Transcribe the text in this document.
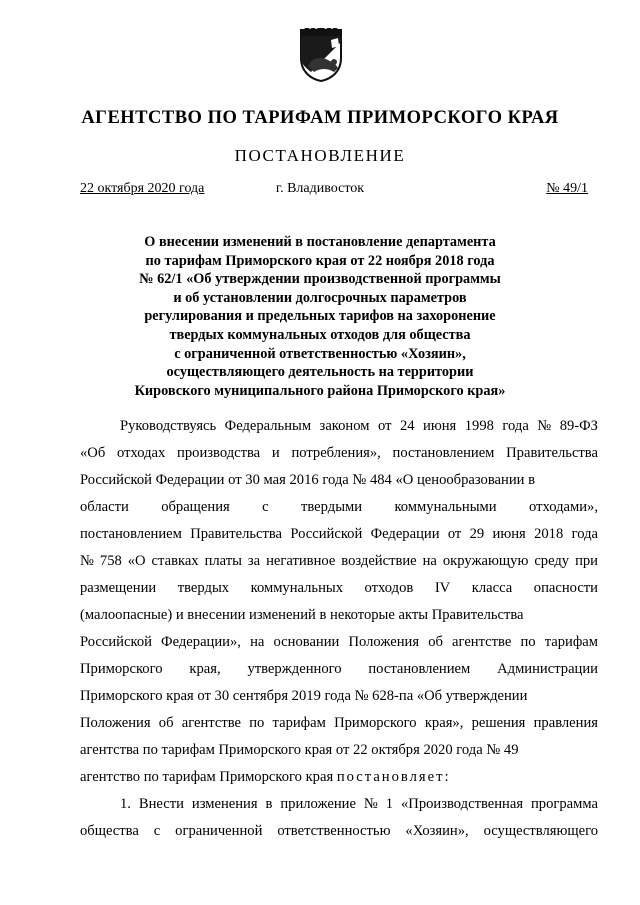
АГЕНТСТВО ПО ТАРИФАМ ПРИМОРСКОГО КРАЯ
ПОСТАНОВЛЕНИЕ
22 октября 2020 года	г. Владивосток	№ 49/1
О внесении изменений в постановление департамента
по тарифам Приморского края от 22 ноября 2018 года
№ 62/1 «Об утверждении производственной программы
и об установлении долгосрочных параметров
регулирования и предельных тарифов на захоронение
твердых коммунальных отходов для общества
с ограниченной ответственностью «Хозяин»,
осуществляющего деятельность на территории
Кировского муниципального района Приморского края»
Руководствуясь Федеральным законом от 24 июня 1998 года № 89-ФЗ
«Об отходах производства и потребления», постановлением Правительства
Российской Федерации от 30 мая 2016 года № 484 «О ценообразовании в
области обращения с твердыми коммунальными отходами»,
постановлением Правительства Российской Федерации от 29 июня 2018 года
№ 758 «О ставках платы за негативное воздействие на окружающую среду при
размещении твердых коммунальных отходов IV класса опасности
(малоопасные) и внесении изменений в некоторые акты Правительства
Российской Федерации», на основании Положения об агентстве по тарифам
Приморского края, утвержденного постановлением Администрации
Приморского края от 30 сентября 2019 года № 628-па «Об утверждении
Положения об агентстве по тарифам Приморского края», решения правления
агентства по тарифам Приморского края от 22 октября 2020 года № 49
агентство по тарифам Приморского края постановляет:
1. Внести изменения в приложение № 1 «Производственная программа
общества с ограниченной ответственностью «Хозяин», осуществляющего
